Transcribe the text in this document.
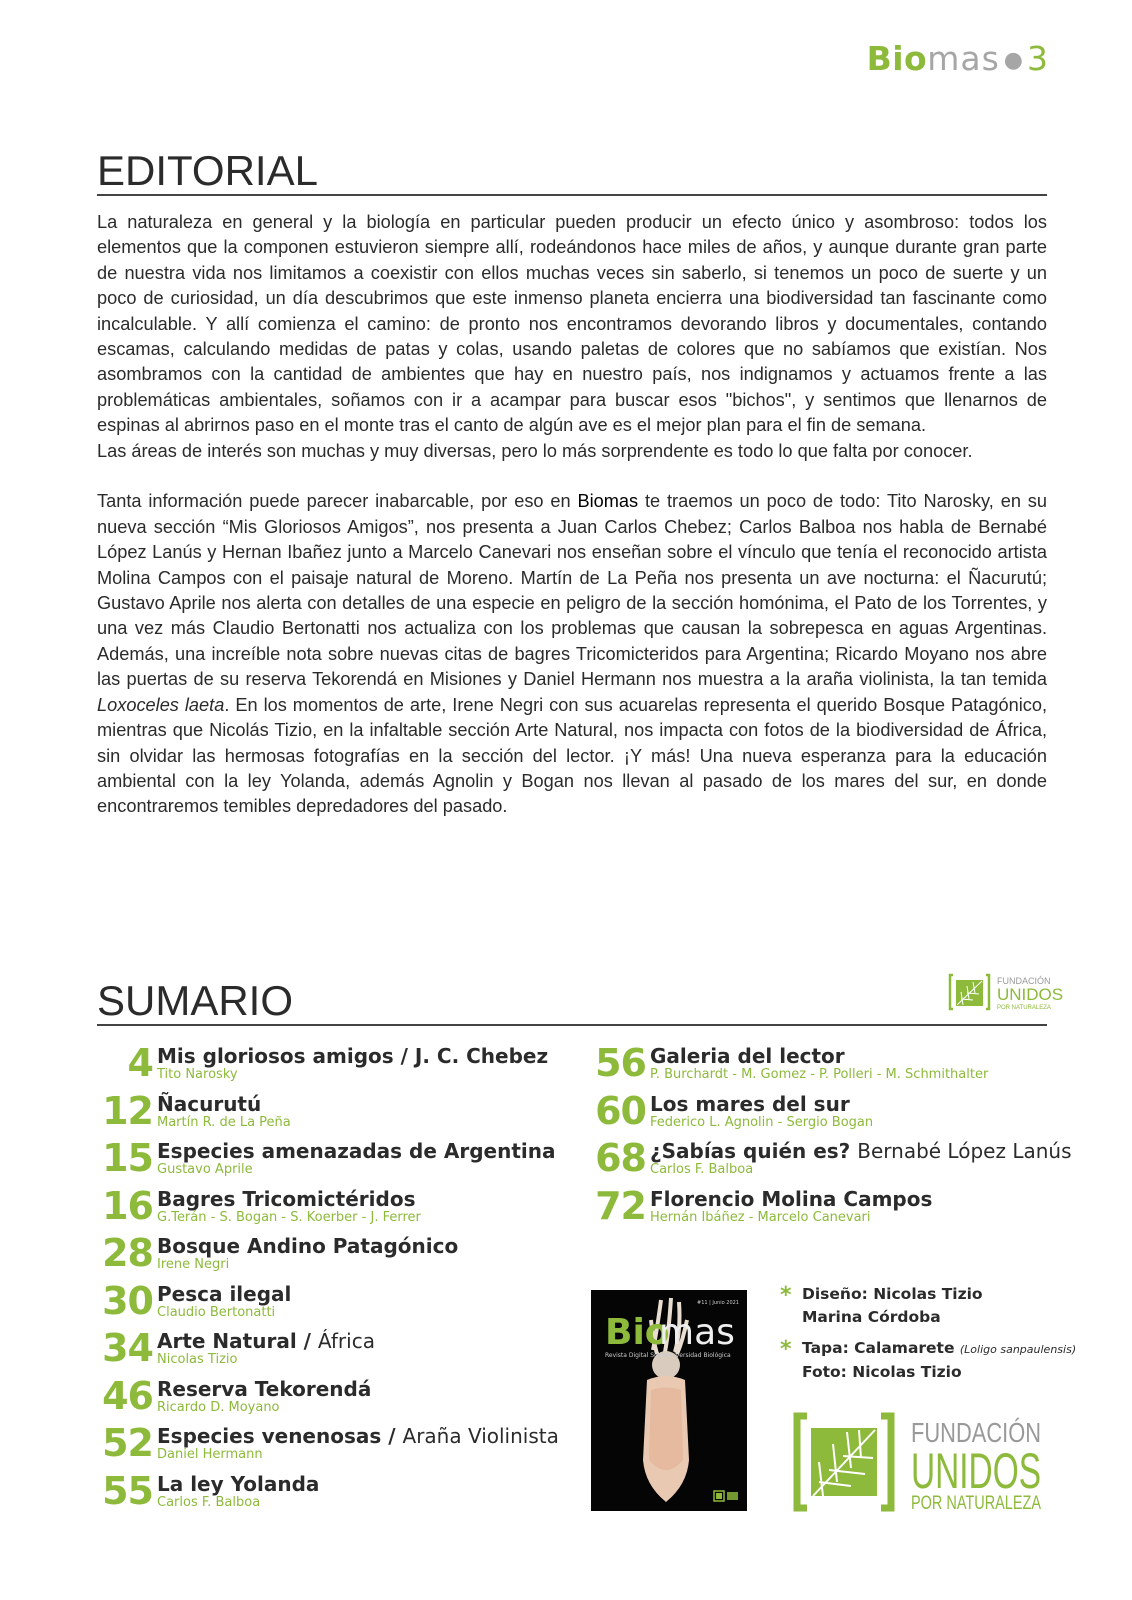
Biomas ● 3
EDITORIAL

La naturaleza en general y la biología en particular pueden producir un efecto único y asombroso: todos los elementos que la componen estuvieron siempre allí, rodeándonos hace miles de años, y aunque durante gran parte de nuestra vida nos limitamos a coexistir con ellos muchas veces sin saberlo, si tenemos un poco de suerte y un poco de curiosidad, un día descubrimos que este inmenso planeta encierra una biodiversidad tan fascinante como incalculable. Y allí comienza el camino: de pronto nos encontramos devorando libros y documentales, contando escamas, calculando medidas de patas y colas, usando paletas de colores que no sabíamos que existían. Nos asombramos con la cantidad de ambientes que hay en nuestro país, nos indignamos y actuamos frente a las problemáticas ambientales, soñamos con ir a acampar para buscar esos "bichos", y sentimos que llenarnos de espinas al abrirnos paso en el monte tras el canto de algún ave es el mejor plan para el fin de semana.

Las áreas de interés son muchas y muy diversas, pero lo más sorprendente es todo lo que falta por conocer.

Tanta información puede parecer inabarcable, por eso en Biomas te traemos un poco de todo: Tito Narosky, en su nueva sección “Mis Gloriosos Amigos”, nos presenta a Juan Carlos Chebez; Carlos Balboa nos habla de Bernabé López Lanús y Hernan Ibañez junto a Marcelo Canevari nos enseñan sobre el vínculo que tenía el reconocido artista Molina Campos con el paisaje natural de Moreno. Martín de La Peña nos presenta un ave nocturna: el Ñacurutú; Gustavo Aprile nos alerta con detalles de una especie en peligro de la sección homónima, el Pato de los Torrentes, y una vez más Claudio Bertonatti nos actualiza con los problemas que causan la sobrepesca en aguas Argentinas. Además, una increíble nota sobre nuevas citas de bagres Tricomicteridos para Argentina; Ricardo Moyano nos abre las puertas de su reserva Tekorendá en Misiones y Daniel Hermann nos muestra a la araña violinista, la tan temida Loxoceles laeta. En los momentos de arte, Irene Negri con sus acuarelas representa el querido Bosque Patagónico, mientras que Nicolás Tizio, en la infaltable sección Arte Natural, nos impacta con fotos de la biodiversidad de África, sin olvidar las hermosas fotografías en la sección del lector. ¡Y más! Una nueva esperanza para la educación ambiental con la ley Yolanda, además Agnolin y Bogan nos llevan al pasado de los mares del sur, en donde encontraremos temibles depredadores del pasado.

SUMARIO	FUNDACIÓN
UNIDOS
POR NATURALEZA
4 Mis gloriosos amigos / J. C. Chebez
Tito Narosky
12 Ñacurutú
Martín R. de La Peña
15 Especies amenazadas de Argentina
Gustavo Aprile
16 Bagres Tricomictéridos
G.Terán - S. Bogan - S. Koerber - J. Ferrer
28 Bosque Andino Patagónico
Irene Negri
30 Pesca ilegal
Claudio Bertonatti
34 Arte Natural / África
Nicolas Tizio
46 Reserva Tekorendá
Ricardo D. Moyano
52 Especies venenosas / Araña Violinista
Daniel Hermann
55 La ley Yolanda
Carlos F. Balboa
56 Galeria del lector
P. Burchardt - M. Gomez - P. Polleri - M. Schmithalter
60 Los mares del sur
Federico L. Agnolin - Sergio Bogan
68 ¿Sabías quién es? Bernabé López Lanús
Carlos F. Balboa
72 Florencio Molina Campos
Hernán Ibáñez - Marcelo Canevari
#11 | Junio 2021
Bio
mas
Revista Digital Sobre Diversidad Biológica
* Diseño: Nicolas Tizio
Marina Córdoba
* Tapa: Calamarete (Loligo sanpaulensis)
Foto: Nicolas Tizio
FUNDACIÓN
UNIDOS
POR NATURALEZA
